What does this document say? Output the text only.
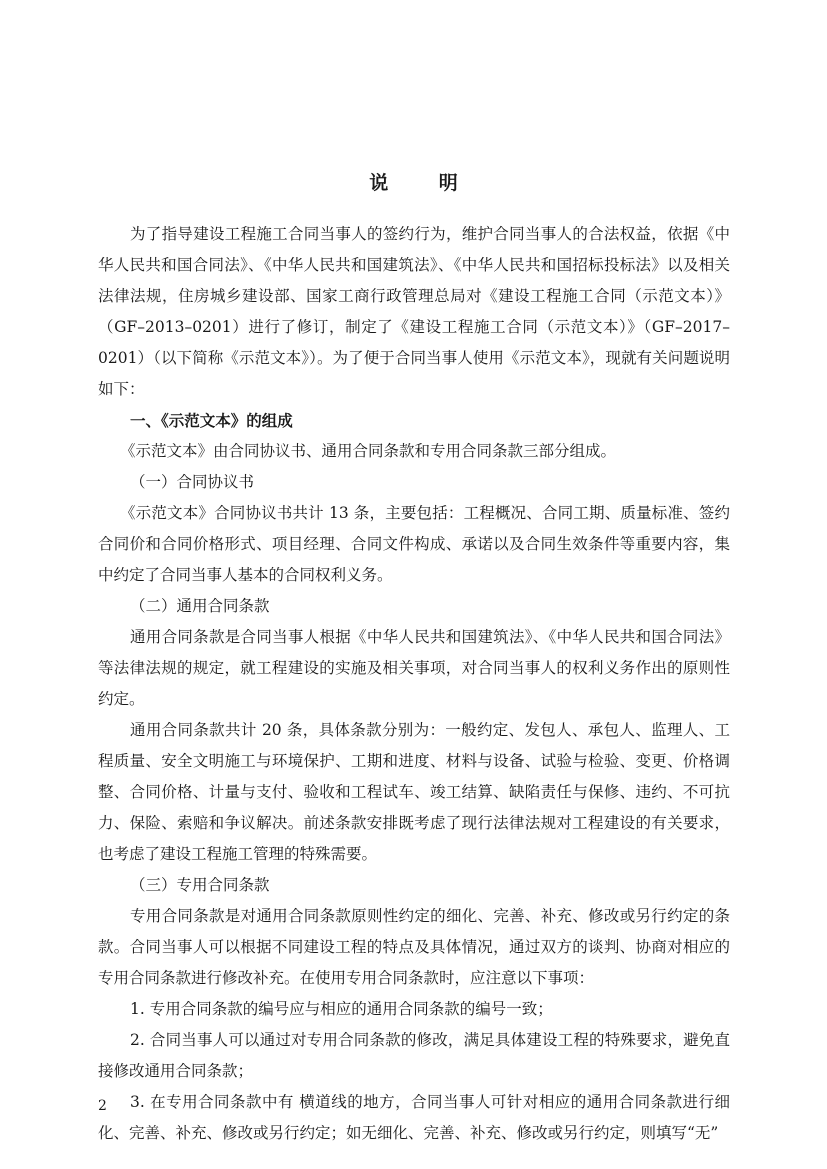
说 明

为了指导建设工程施工合同当事人的签约行为，维护合同当事人的合法权益，依据《中华人民共和国合同法》、《中华人民共和国建筑法》、《中华人民共和国招标投标法》以及相关法律法规，住房城乡建设部、国家工商行政管理总局对《建设工程施工合同（示范文本）》（GF–2013–0201）进行了修订，制定了《建设工程施工合同（示范文本）》（GF–2017–0201）（以下简称《示范文本》）。为了便于合同当事人使用《示范文本》，现就有关问题说明如下：

一、《示范文本》的组成

《示范文本》由合同协议书、通用合同条款和专用合同条款三部分组成。

（一）合同协议书

《示范文本》合同协议书共计 13 条，主要包括：工程概况、合同工期、质量标准、签约合同价和合同价格形式、项目经理、合同文件构成、承诺以及合同生效条件等重要内容，集中约定了合同当事人基本的合同权利义务。

（二）通用合同条款

通用合同条款是合同当事人根据《中华人民共和国建筑法》、《中华人民共和国合同法》等法律法规的规定，就工程建设的实施及相关事项，对合同当事人的权利义务作出的原则性约定。

通用合同条款共计 20 条，具体条款分别为：一般约定、发包人、承包人、监理人、工程质量、安全文明施工与环境保护、工期和进度、材料与设备、试验与检验、变更、价格调整、合同价格、计量与支付、验收和工程试车、竣工结算、缺陷责任与保修、违约、不可抗力、保险、索赔和争议解决。前述条款安排既考虑了现行法律法规对工程建设的有关要求，也考虑了建设工程施工管理的特殊需要。

（三）专用合同条款

专用合同条款是对通用合同条款原则性约定的细化、完善、补充、修改或另行约定的条款。合同当事人可以根据不同建设工程的特点及具体情况，通过双方的谈判、协商对相应的专用合同条款进行修改补充。在使用专用合同条款时，应注意以下事项：

1. 专用合同条款的编号应与相应的通用合同条款的编号一致；

2. 合同当事人可以通过对专用合同条款的修改，满足具体建设工程的特殊要求，避免直接修改通用合同条款；

3. 在专用合同条款中有 横道线的地方，合同当事人可针对相应的通用合同条款进行细化、完善、补充、修改或另行约定；如无细化、完善、补充、修改或另行约定，则填写“无”

2
